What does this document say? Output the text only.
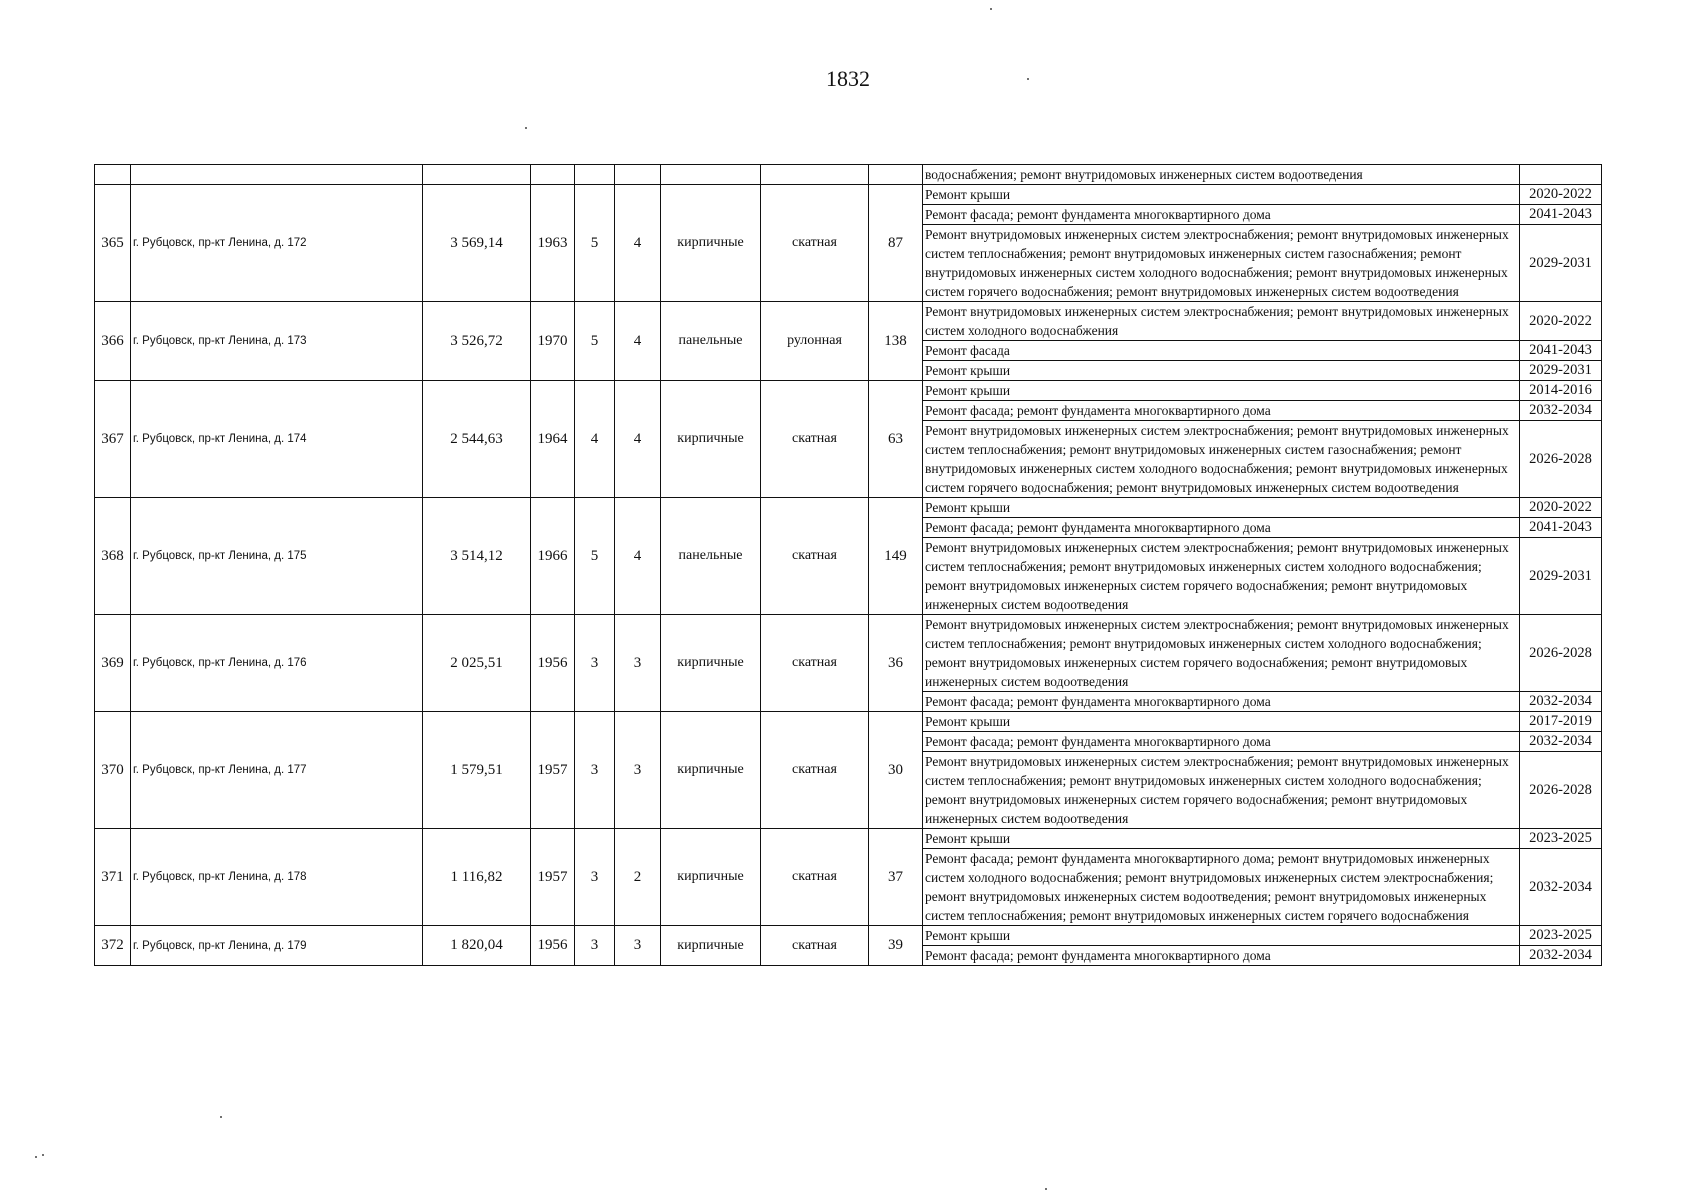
1832
									водоснабжения; ремонт внутридомовых инженерных систем водоотведения	
365	г. Рубцовск, пр-кт Ленина, д. 172	3 569,14	1963	5	4	кирпичные	скатная	87	Ремонт крыши	2020-2022
									Ремонт фасада; ремонт фундамента многоквартирного дома	2041-2043
									Ремонт внутридомовых инженерных систем электроснабжения; ремонт внутридомовых инженерных систем теплоснабжения; ремонт внутридомовых инженерных систем газоснабжения; ремонт внутридомовых инженерных систем холодного водоснабжения; ремонт внутридомовых инженерных систем горячего водоснабжения; ремонт внутридомовых инженерных систем водоотведения	2029-2031
366	г. Рубцовск, пр-кт Ленина, д. 173	3 526,72	1970	5	4	панельные	рулонная	138	Ремонт внутридомовых инженерных систем электроснабжения; ремонт внутридомовых инженерных систем холодного водоснабжения	2020-2022
									Ремонт фасада	2041-2043
									Ремонт крыши	2029-2031
367	г. Рубцовск, пр-кт Ленина, д. 174	2 544,63	1964	4	4	кирпичные	скатная	63	Ремонт крыши	2014-2016
									Ремонт фасада; ремонт фундамента многоквартирного дома	2032-2034
									Ремонт внутридомовых инженерных систем электроснабжения; ремонт внутридомовых инженерных систем теплоснабжения; ремонт внутридомовых инженерных систем газоснабжения; ремонт внутридомовых инженерных систем холодного водоснабжения; ремонт внутридомовых инженерных систем горячего водоснабжения; ремонт внутридомовых инженерных систем водоотведения	2026-2028
368	г. Рубцовск, пр-кт Ленина, д. 175	3 514,12	1966	5	4	панельные	скатная	149	Ремонт крыши	2020-2022
									Ремонт фасада; ремонт фундамента многоквартирного дома	2041-2043
									Ремонт внутридомовых инженерных систем электроснабжения; ремонт внутридомовых инженерных систем теплоснабжения; ремонт внутридомовых инженерных систем холодного водоснабжения; ремонт внутридомовых инженерных систем горячего водоснабжения; ремонт внутридомовых инженерных систем водоотведения	2029-2031
369	г. Рубцовск, пр-кт Ленина, д. 176	2 025,51	1956	3	3	кирпичные	скатная	36	Ремонт внутридомовых инженерных систем электроснабжения; ремонт внутридомовых инженерных систем теплоснабжения; ремонт внутридомовых инженерных систем холодного водоснабжения; ремонт внутридомовых инженерных систем горячего водоснабжения; ремонт внутридомовых инженерных систем водоотведения	2026-2028
									Ремонт фасада; ремонт фундамента многоквартирного дома	2032-2034
370	г. Рубцовск, пр-кт Ленина, д. 177	1 579,51	1957	3	3	кирпичные	скатная	30	Ремонт крыши	2017-2019
									Ремонт фасада; ремонт фундамента многоквартирного дома	2032-2034
									Ремонт внутридомовых инженерных систем электроснабжения; ремонт внутридомовых инженерных систем теплоснабжения; ремонт внутридомовых инженерных систем холодного водоснабжения; ремонт внутридомовых инженерных систем горячего водоснабжения; ремонт внутридомовых инженерных систем водоотведения	2026-2028
371	г. Рубцовск, пр-кт Ленина, д. 178	1 116,82	1957	3	2	кирпичные	скатная	37	Ремонт крыши	2023-2025
									Ремонт фасада; ремонт фундамента многоквартирного дома; ремонт внутридомовых инженерных систем холодного водоснабжения; ремонт внутридомовых инженерных систем электроснабжения; ремонт внутридомовых инженерных систем водоотведения; ремонт внутридомовых инженерных систем теплоснабжения; ремонт внутридомовых инженерных систем горячего водоснабжения	2032-2034
372	г. Рубцовск, пр-кт Ленина, д. 179	1 820,04	1956	3	3	кирпичные	скатная	39	Ремонт крыши	2023-2025
									Ремонт фасада; ремонт фундамента многоквартирного дома	2032-2034
